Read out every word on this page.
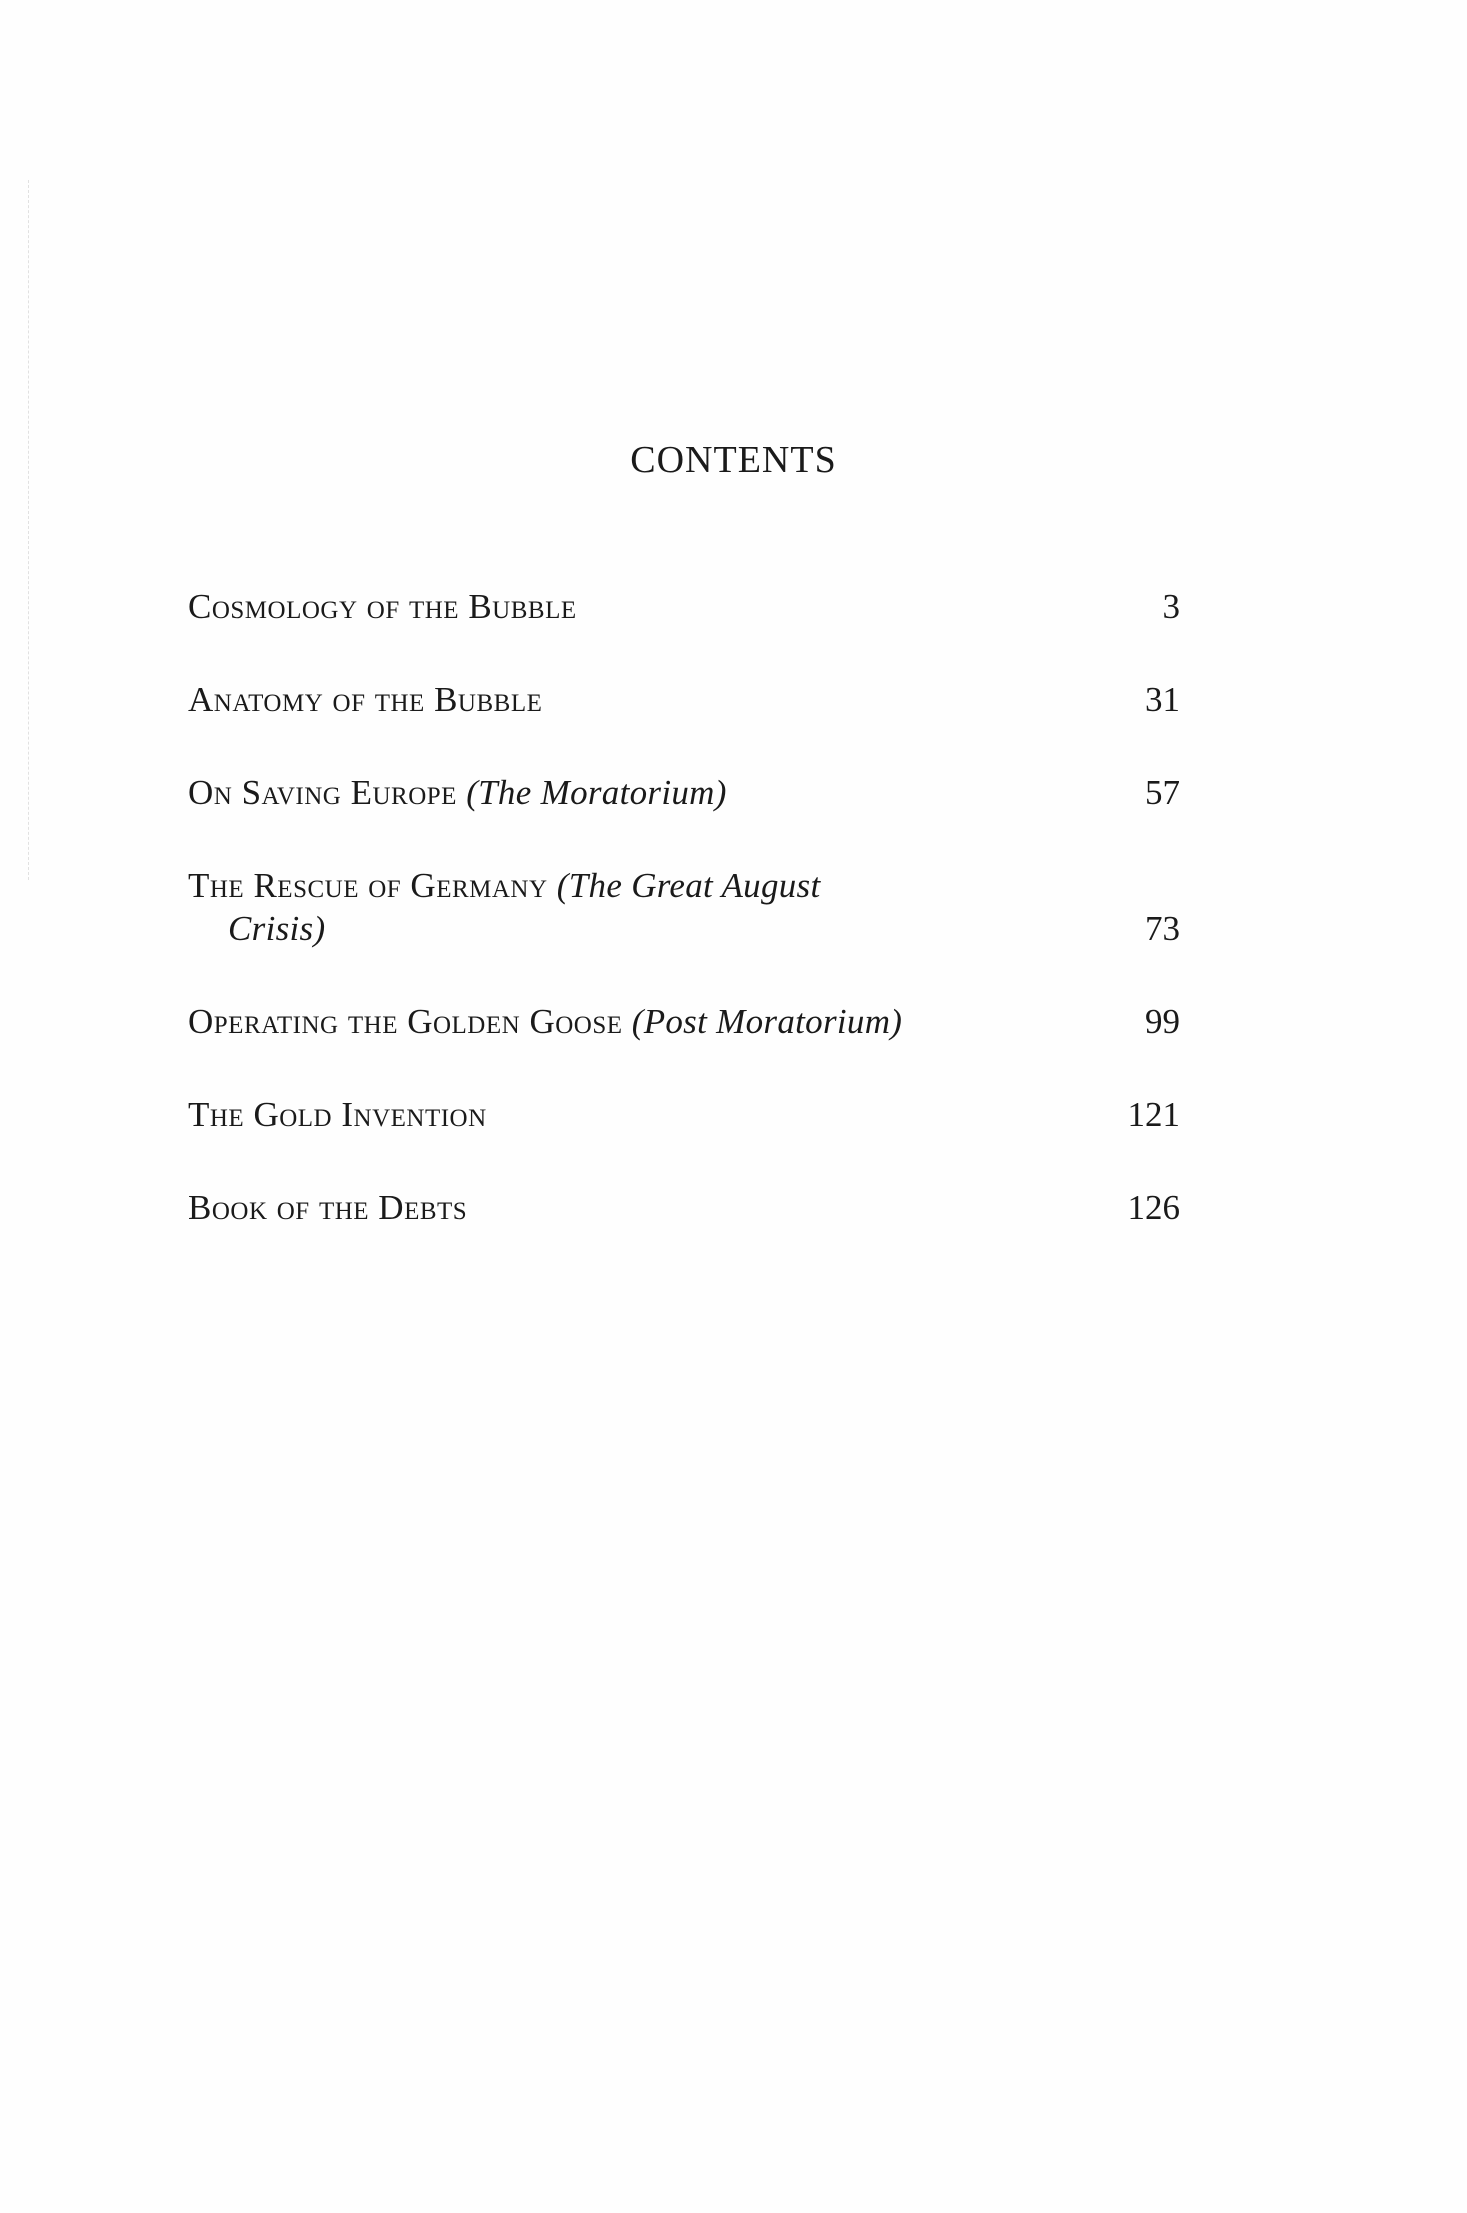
CONTENTS
Cosmology of the Bubble	3
Anatomy of the Bubble	31
On Saving Europe (The Moratorium)	57
The Rescue of Germany (The Great August
Crisis)	73
Operating the Golden Goose (Post Moratorium)	99
The Gold Invention	121
Book of the Debts	126
